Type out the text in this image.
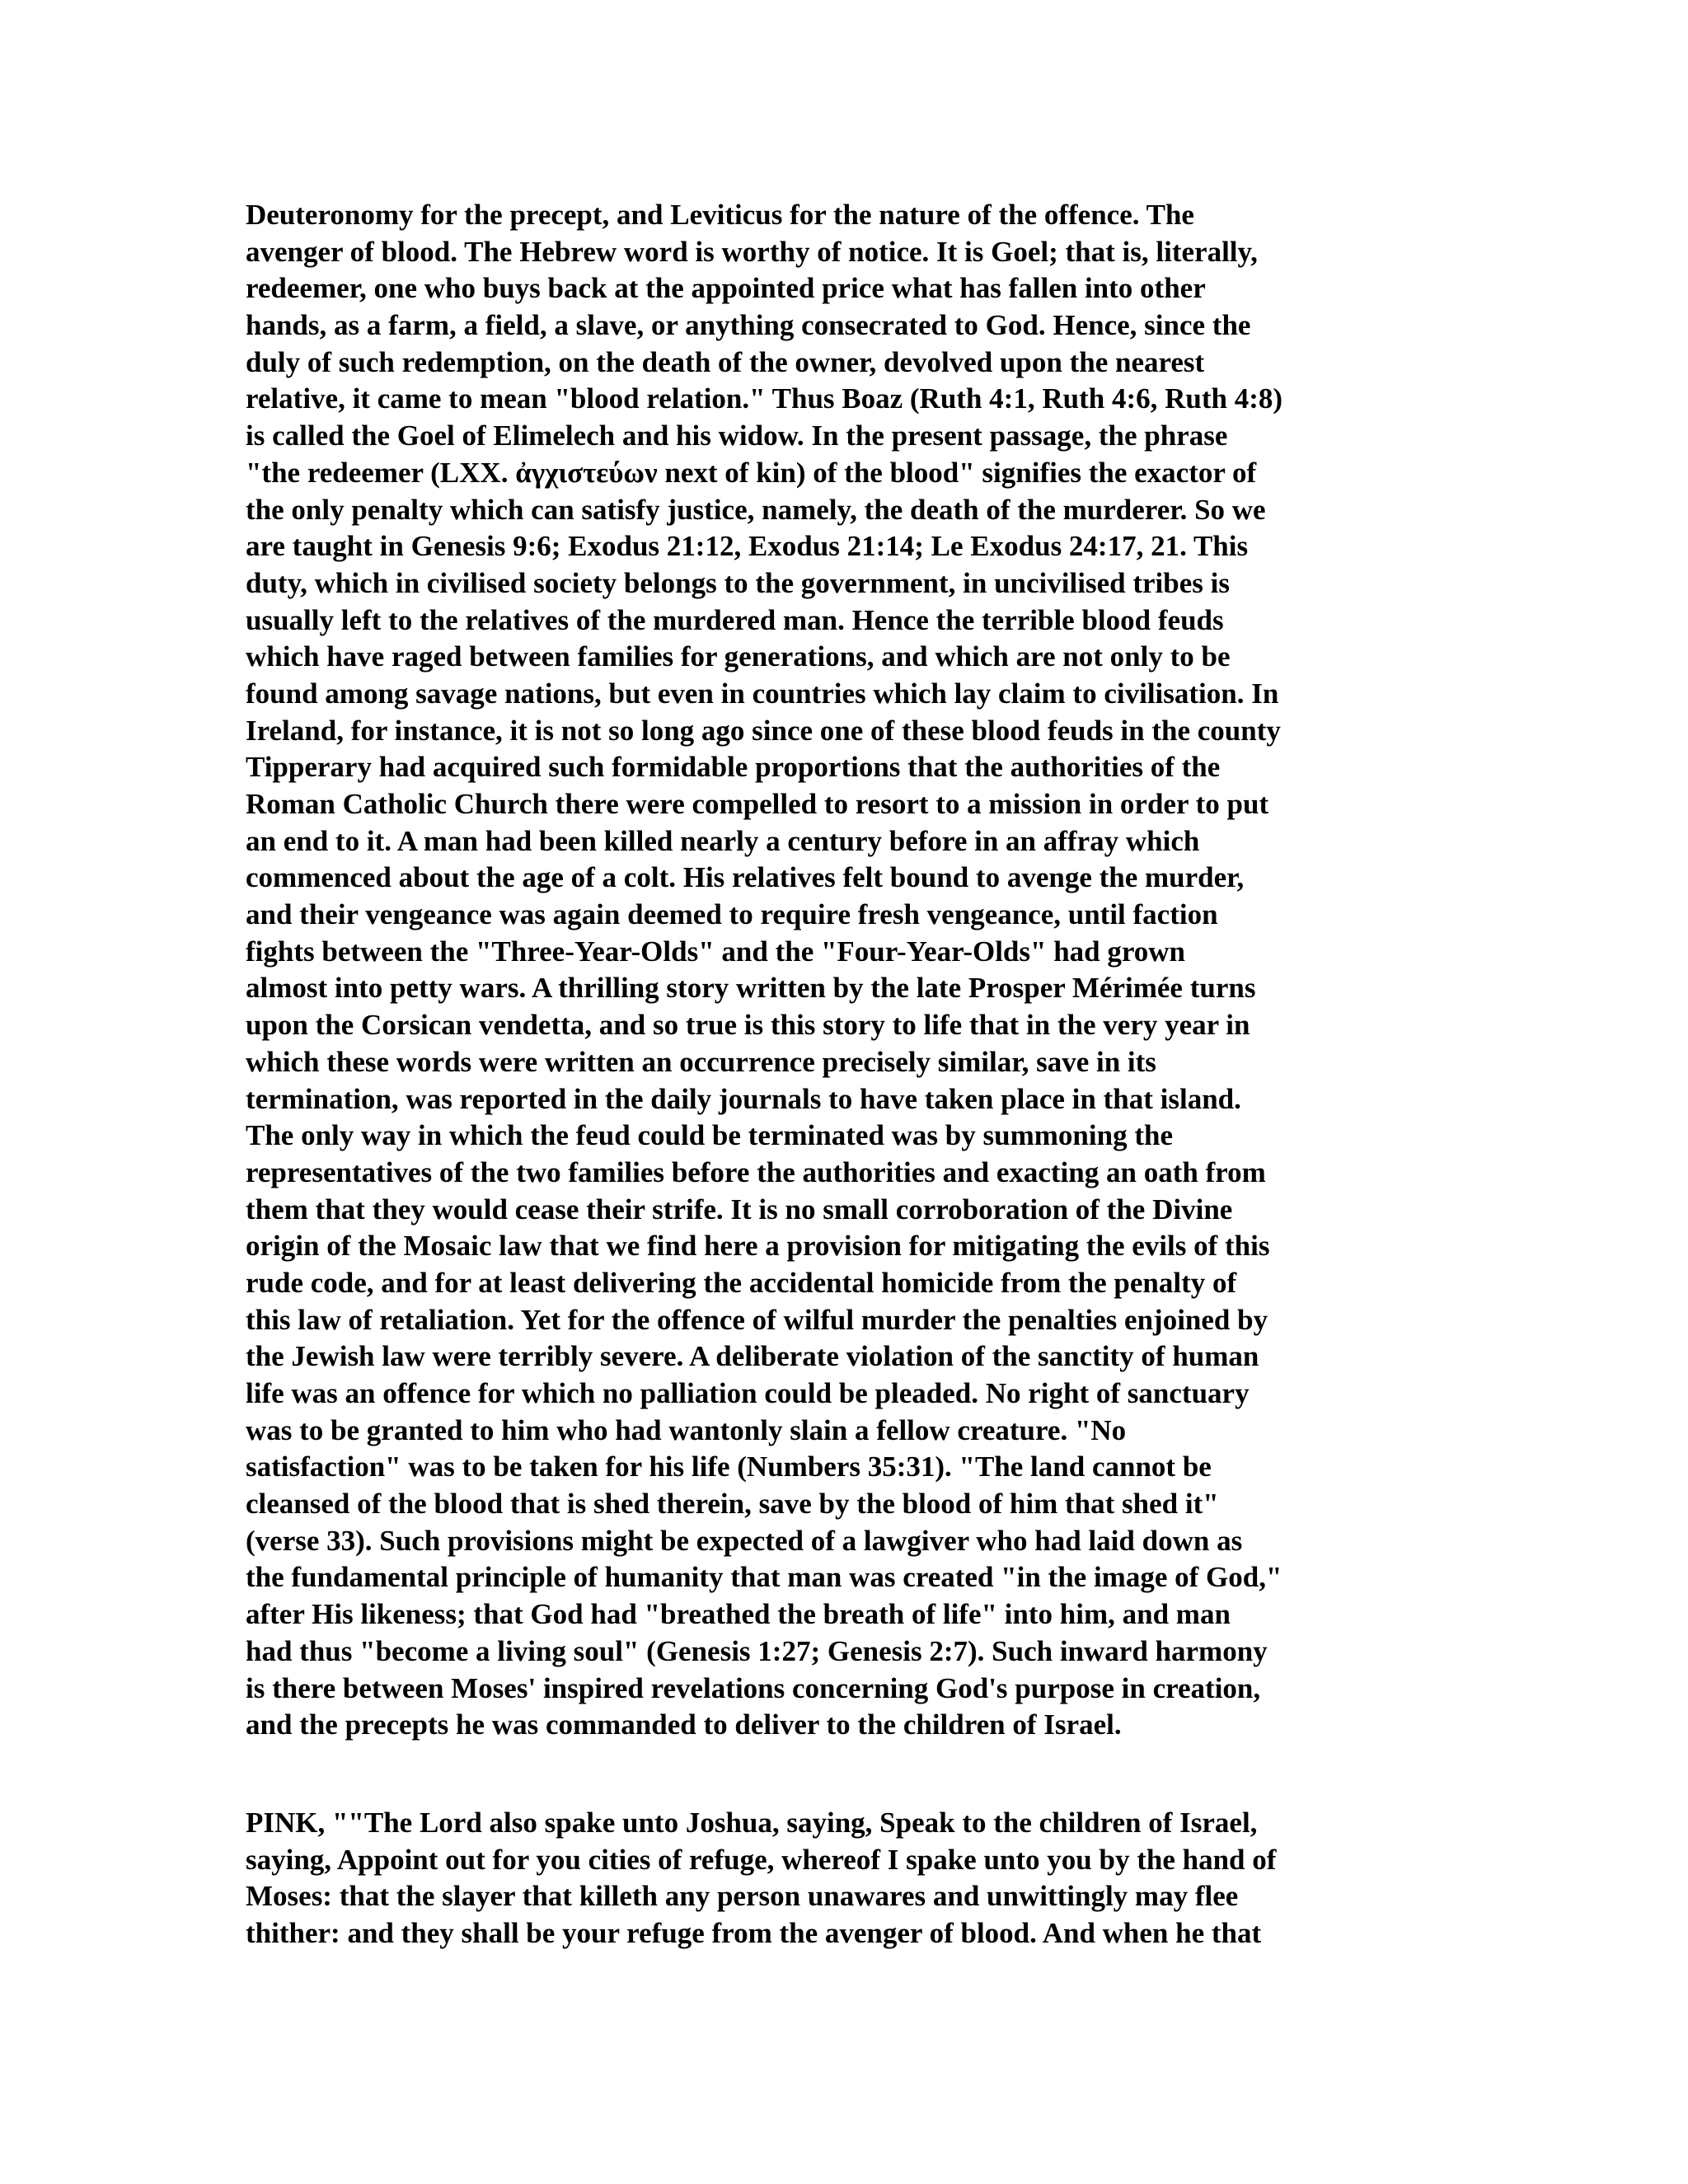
Deuteronomy for the precept, and Leviticus for the nature of the offence. The
avenger of blood. The Hebrew word is worthy of notice. It is Goel; that is, literally,
redeemer, one who buys back at the appointed price what has fallen into other
hands, as a farm, a field, a slave, or anything consecrated to God. Hence, since the
duly of such redemption, on the death of the owner, devolved upon the nearest
relative, it came to mean "blood relation." Thus Boaz (Ruth 4:1, Ruth 4:6, Ruth 4:8)
is called the Goel of Elimelech and his widow. In the present passage, the phrase
"the redeemer (LXX. ἀγχιστεύων next of kin) of the blood" signifies the exactor of
the only penalty which can satisfy justice, namely, the death of the murderer. So we
are taught in Genesis 9:6; Exodus 21:12, Exodus 21:14; Le Exodus 24:17, 21. This
duty, which in civilised society belongs to the government, in uncivilised tribes is
usually left to the relatives of the murdered man. Hence the terrible blood feuds
which have raged between families for generations, and which are not only to be
found among savage nations, but even in countries which lay claim to civilisation. In
Ireland, for instance, it is not so long ago since one of these blood feuds in the county
Tipperary had acquired such formidable proportions that the authorities of the
Roman Catholic Church there were compelled to resort to a mission in order to put
an end to it. A man had been killed nearly a century before in an affray which
commenced about the age of a colt. His relatives felt bound to avenge the murder,
and their vengeance was again deemed to require fresh vengeance, until faction
fights between the "Three-Year-Olds" and the "Four-Year-Olds" had grown
almost into petty wars. A thrilling story written by the late Prosper Mérimée turns
upon the Corsican vendetta, and so true is this story to life that in the very year in
which these words were written an occurrence precisely similar, save in its
termination, was reported in the daily journals to have taken place in that island.
The only way in which the feud could be terminated was by summoning the
representatives of the two families before the authorities and exacting an oath from
them that they would cease their strife. It is no small corroboration of the Divine
origin of the Mosaic law that we find here a provision for mitigating the evils of this
rude code, and for at least delivering the accidental homicide from the penalty of
this law of retaliation. Yet for the offence of wilful murder the penalties enjoined by
the Jewish law were terribly severe. A deliberate violation of the sanctity of human
life was an offence for which no palliation could be pleaded. No right of sanctuary
was to be granted to him who had wantonly slain a fellow creature. "No
satisfaction" was to be taken for his life (Numbers 35:31). "The land cannot be
cleansed of the blood that is shed therein, save by the blood of him that shed it"
(verse 33). Such provisions might be expected of a lawgiver who had laid down as
the fundamental principle of humanity that man was created "in the image of God,"
after His likeness; that God had "breathed the breath of life" into him, and man
had thus "become a living soul" (Genesis 1:27; Genesis 2:7). Such inward harmony
is there between Moses' inspired revelations concerning God's purpose in creation,
and the precepts he was commanded to deliver to the children of Israel.
PINK, ""The Lord also spake unto Joshua, saying, Speak to the children of Israel,
saying, Appoint out for you cities of refuge, whereof I spake unto you by the hand of
Moses: that the slayer that killeth any person unawares and unwittingly may flee
thither: and they shall be your refuge from the avenger of blood. And when he that
